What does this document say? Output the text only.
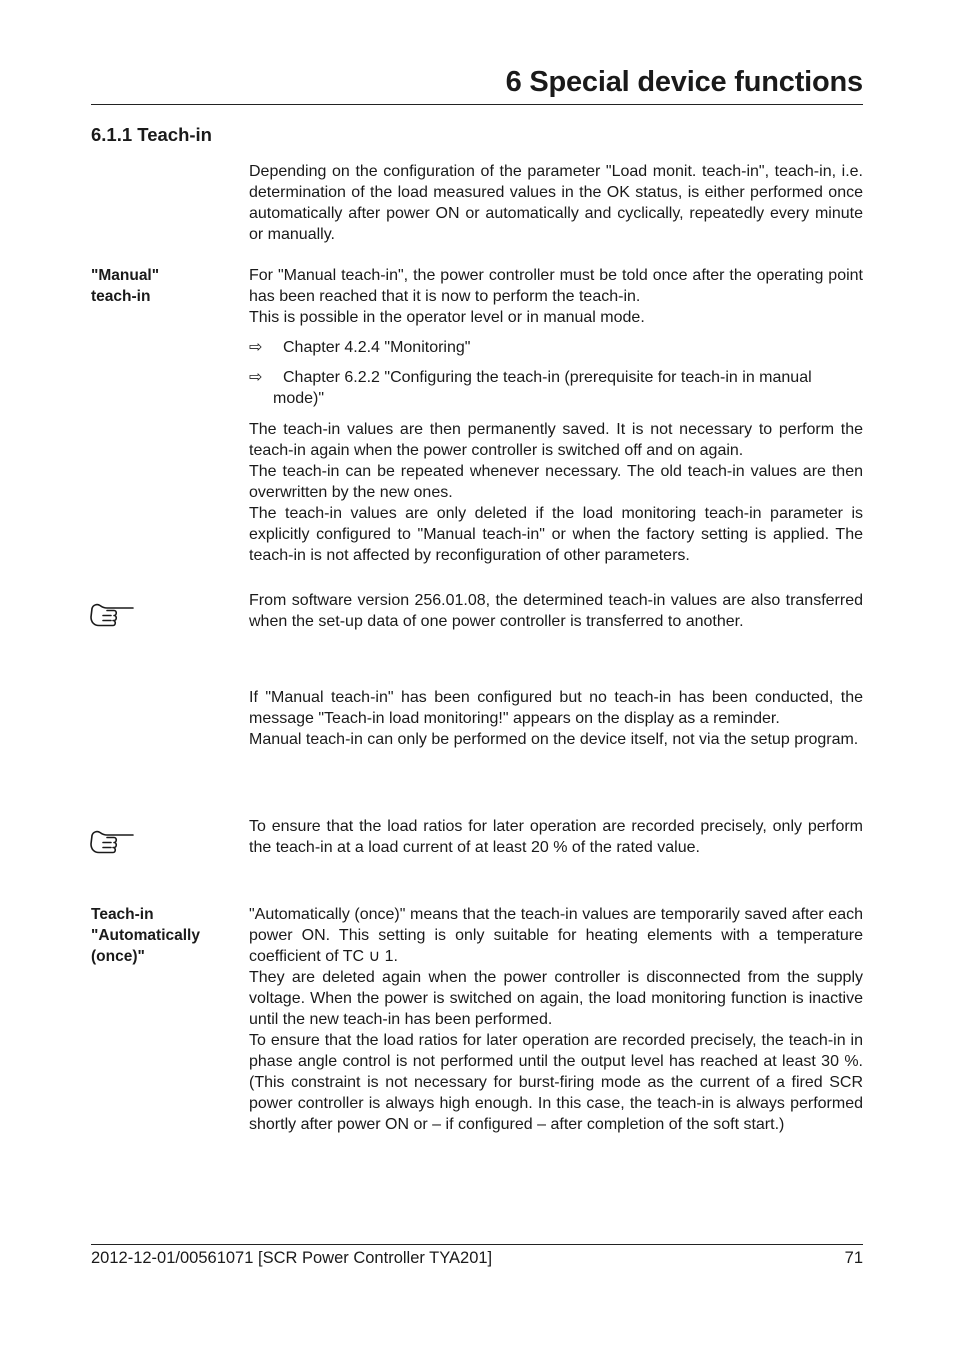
6 Special device functions
6.1.1 Teach-in

Depending on the configuration of the parameter "Load monit. teach-in", teach-in, i.e. determination of the load measured values in the OK status, is either performed once automatically after power ON or automatically and cyclically, repeatedly every minute or manually.

"Manual"
teach-in
For "Manual teach-in", the power controller must be told once after the operating point has been reached that it is now to perform the teach-in.
This is possible in the operator level or in manual mode.
⇨ Chapter 4.2.4 "Monitoring"
⇨ Chapter 6.2.2 "Configuring the teach-in (prerequisite for teach-in in manual mode)"
The teach-in values are then permanently saved. It is not necessary to perform the teach-in again when the power controller is switched off and on again.
The teach-in can be repeated whenever necessary. The old teach-in values are then overwritten by the new ones.
The teach-in values are only deleted if the load monitoring teach-in parameter is explicitly configured to "Manual teach-in" or when the factory setting is applied. The teach-in is not affected by reconfiguration of other parameters.

From software version 256.01.08, the determined teach-in values are also transferred when the set-up data of one power controller is transferred to another.

If "Manual teach-in" has been configured but no teach-in has been conducted, the message "Teach-in load monitoring!" appears on the display as a reminder.
Manual teach-in can only be performed on the device itself, not via the setup program.

To ensure that the load ratios for later operation are recorded precisely, only perform the teach-in at a load current of at least 20 % of the rated value.

Teach-in
"Automatically
(once)"
"Automatically (once)" means that the teach-in values are temporarily saved after each power ON. This setting is only suitable for heating elements with a temperature coefficient of TC ∪ 1.
They are deleted again when the power controller is disconnected from the supply voltage. When the power is switched on again, the load monitoring function is inactive until the new teach-in has been performed.
To ensure that the load ratios for later operation are recorded precisely, the teach-in in phase angle control is not performed until the output level has reached at least 30 %. (This constraint is not necessary for burst-firing mode as the current of a fired SCR power controller is always high enough. In this case, the teach-in is always performed shortly after power ON or – if configured – after completion of the soft start.)

2012-12-01/00561071 [SCR Power Controller TYA201]	71
